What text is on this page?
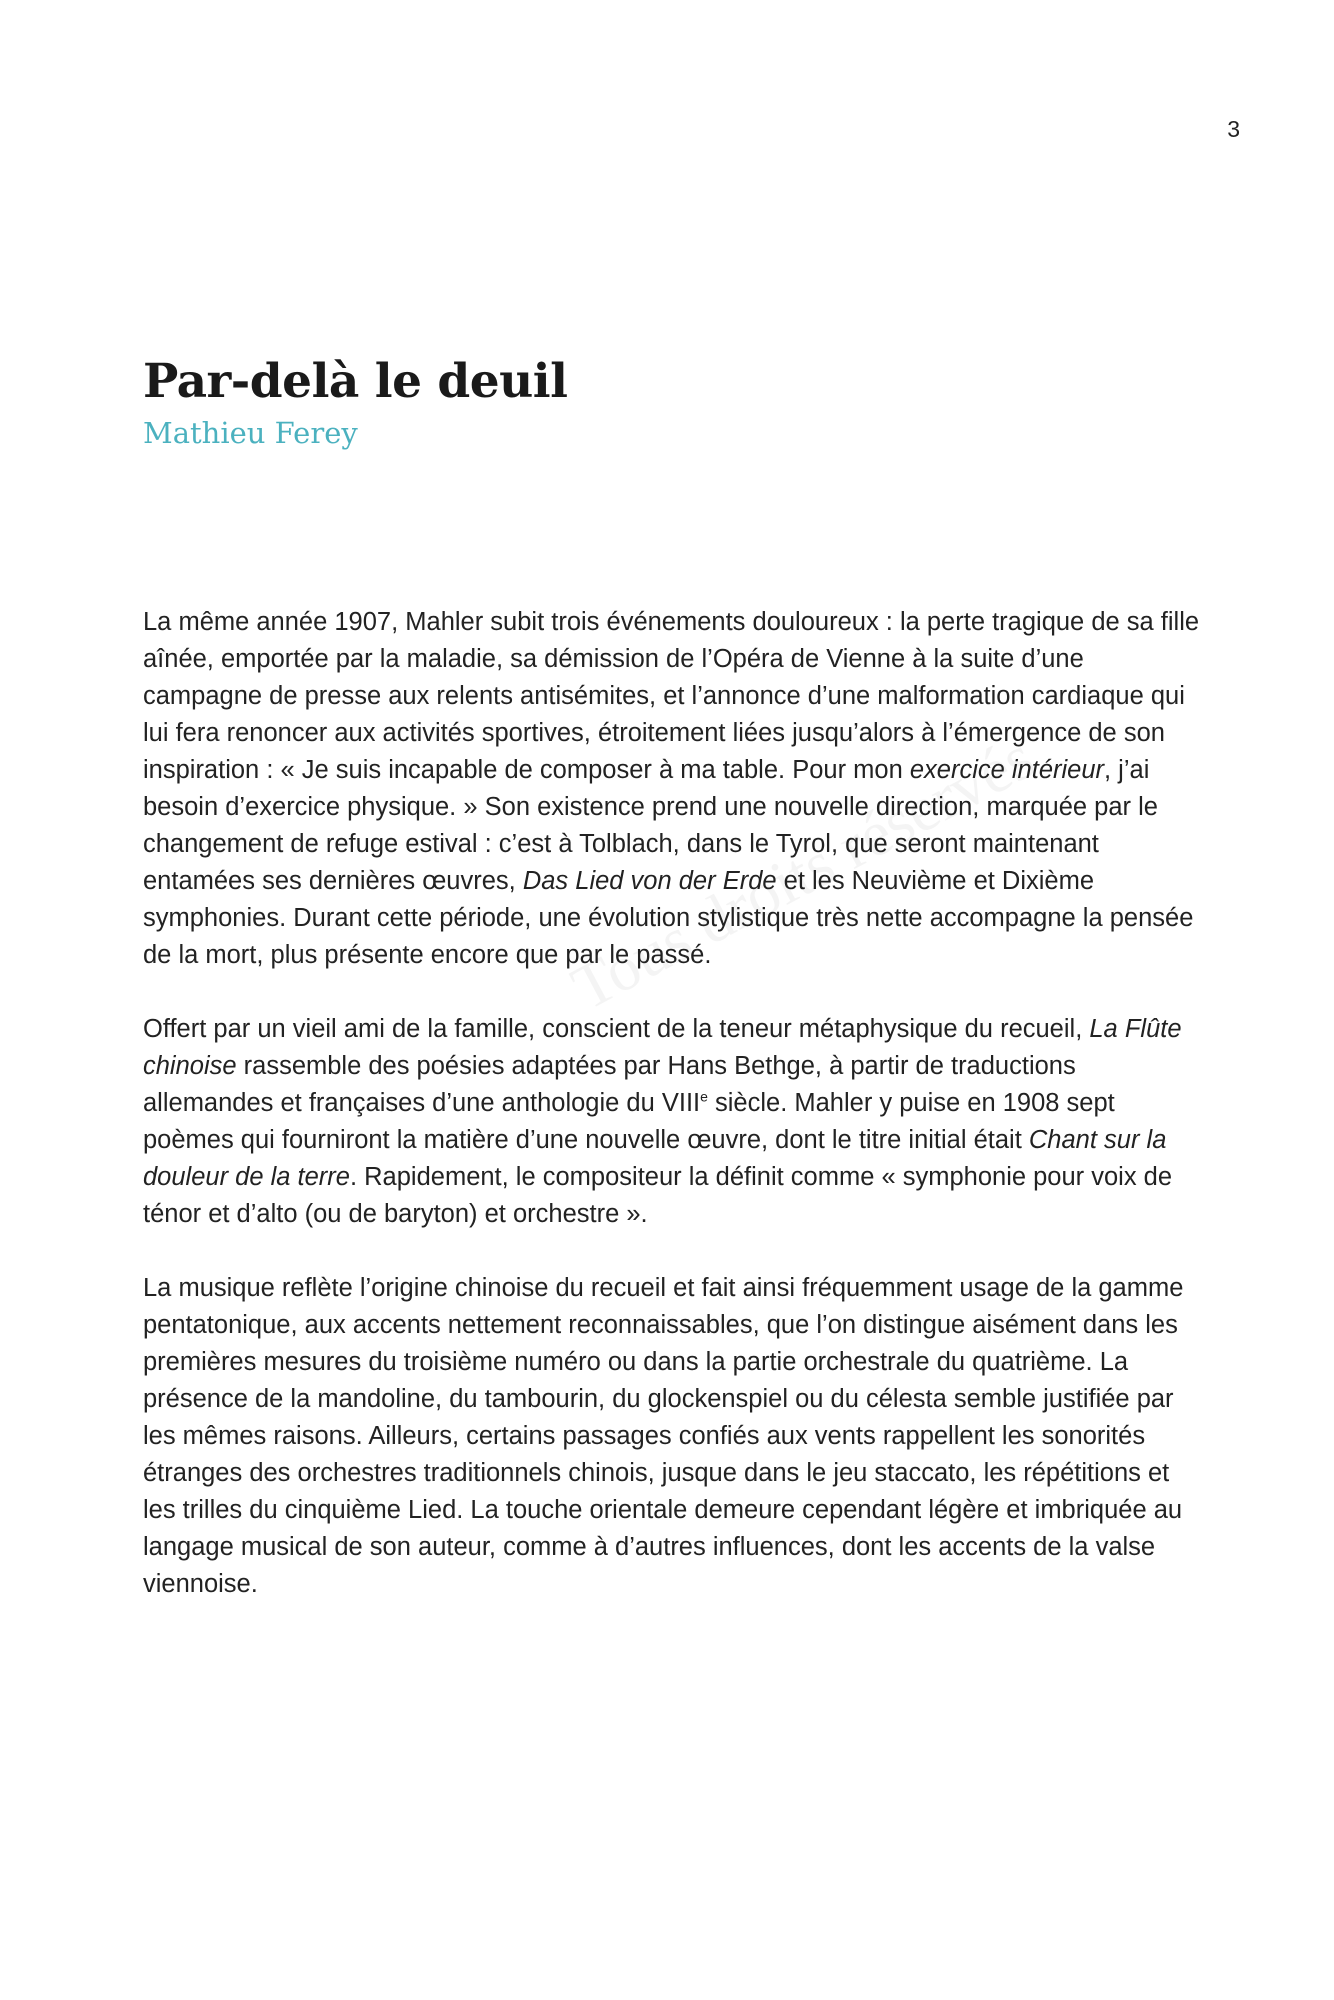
3
Par-delà le deuil
Mathieu Ferey

La même année 1907, Mahler subit trois événements douloureux : la perte tragique de sa fille aînée, emportée par la maladie, sa démission de l’Opéra de Vienne à la suite d’une campagne de presse aux relents antisémites, et l’annonce d’une malformation cardiaque qui lui fera renoncer aux activités sportives, étroitement liées jusqu’alors à l’émergence de son inspiration : « Je suis incapable de composer à ma table. Pour mon exercice intérieur, j’ai besoin d’exercice physique. » Son existence prend une nouvelle direction, marquée par le changement de refuge estival : c’est à Tolblach, dans le Tyrol, que seront maintenant entamées ses dernières œuvres, Das Lied von der Erde et les Neuvième et Dixième symphonies. Durant cette période, une évolution stylistique très nette accompagne la pensée de la mort, plus présente encore que par le passé.

Offert par un vieil ami de la famille, conscient de la teneur métaphysique du recueil, La Flûte chinoise rassemble des poésies adaptées par Hans Bethge, à partir de traductions allemandes et françaises d’une anthologie du VIIIe siècle. Mahler y puise en 1908 sept poèmes qui fourniront la matière d’une nouvelle œuvre, dont le titre initial était Chant sur la douleur de la terre. Rapidement, le compositeur la définit comme « symphonie pour voix de ténor et d’alto (ou de baryton) et orchestre ».

La musique reflète l’origine chinoise du recueil et fait ainsi fréquemment usage de la gamme pentatonique, aux accents nettement reconnaissables, que l’on distingue aisément dans les premières mesures du troisième numéro ou dans la partie orchestrale du quatrième. La présence de la mandoline, du tambourin, du glockenspiel ou du célesta semble justifiée par les mêmes raisons. Ailleurs, certains passages confiés aux vents rappellent les sonorités étranges des orchestres traditionnels chinois, jusque dans le jeu staccato, les répétitions et les trilles du cinquième Lied. La touche orientale demeure cependant légère et imbriquée au langage musical de son auteur, comme à d’autres influences, dont les accents de la valse viennoise.
